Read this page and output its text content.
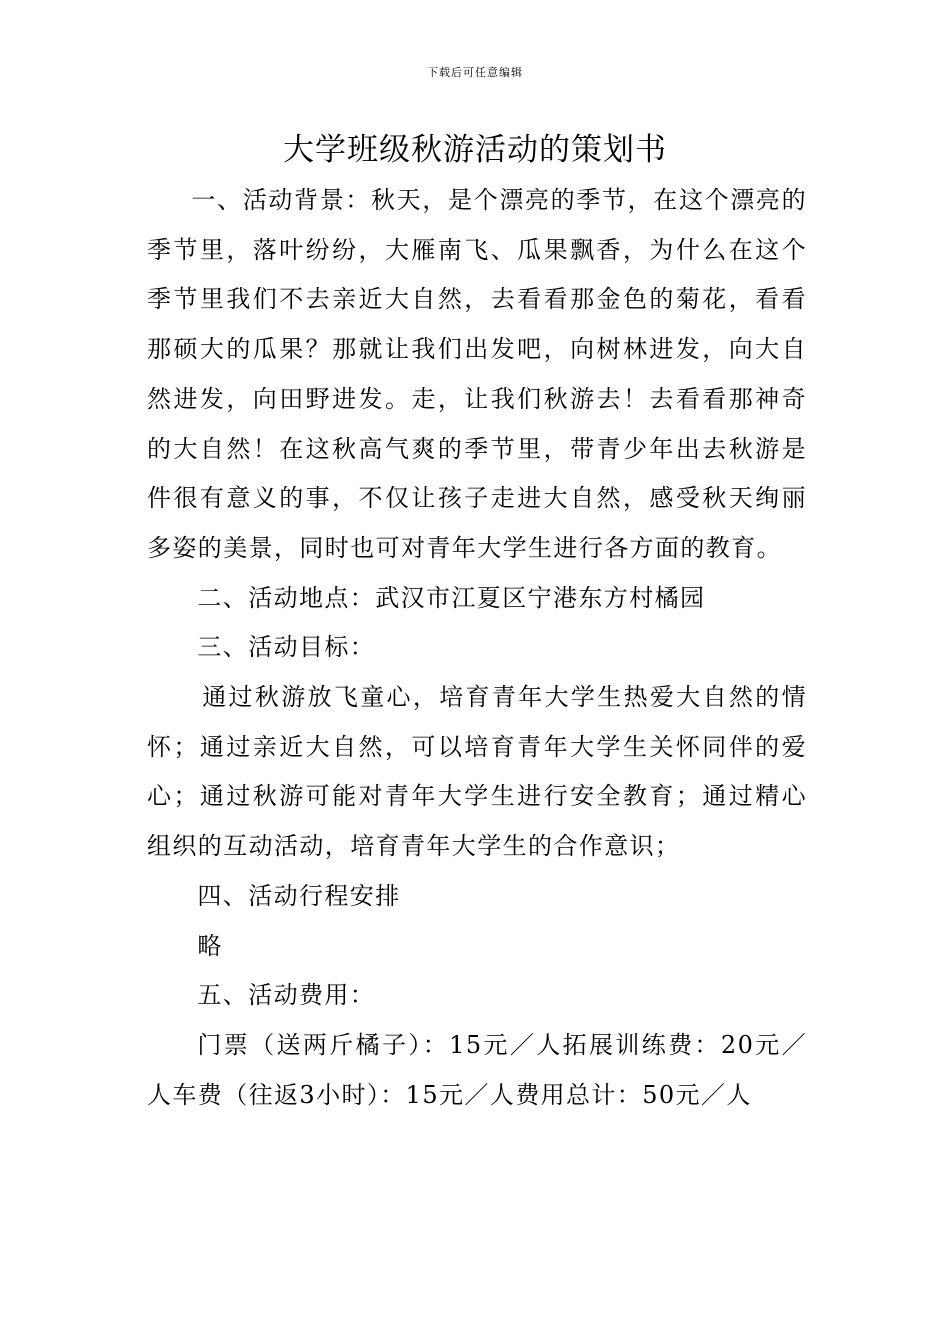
下载后可任意编辑
大学班级秋游活动的策划书

一、活动背景：秋天，是个漂亮的季节，在这个漂亮的季节里，落叶纷纷，大雁南飞、瓜果飘香，为什么在这个季节里我们不去亲近大自然，去看看那金色的菊花，看看那硕大的瓜果？那就让我们出发吧，向树林进发，向大自然进发，向田野进发。走，让我们秋游去！去看看那神奇的大自然！在这秋高气爽的季节里，带青少年出去秋游是件很有意义的事，不仅让孩子走进大自然，感受秋天绚丽多姿的美景，同时也可对青年大学生进行各方面的教育。

二、活动地点：武汉市江夏区宁港东方村橘园

三、活动目标：

通过秋游放飞童心，培育青年大学生热爱大自然的情怀；通过亲近大自然，可以培育青年大学生关怀同伴的爱心；通过秋游可能对青年大学生进行安全教育；通过精心组织的互动活动，培育青年大学生的合作意识；

四、活动行程安排

略

五、活动费用：

门票（送两斤橘子）：15元／人拓展训练费：20元／人车费（往返3小时）：15元／人费用总计：50元／人
